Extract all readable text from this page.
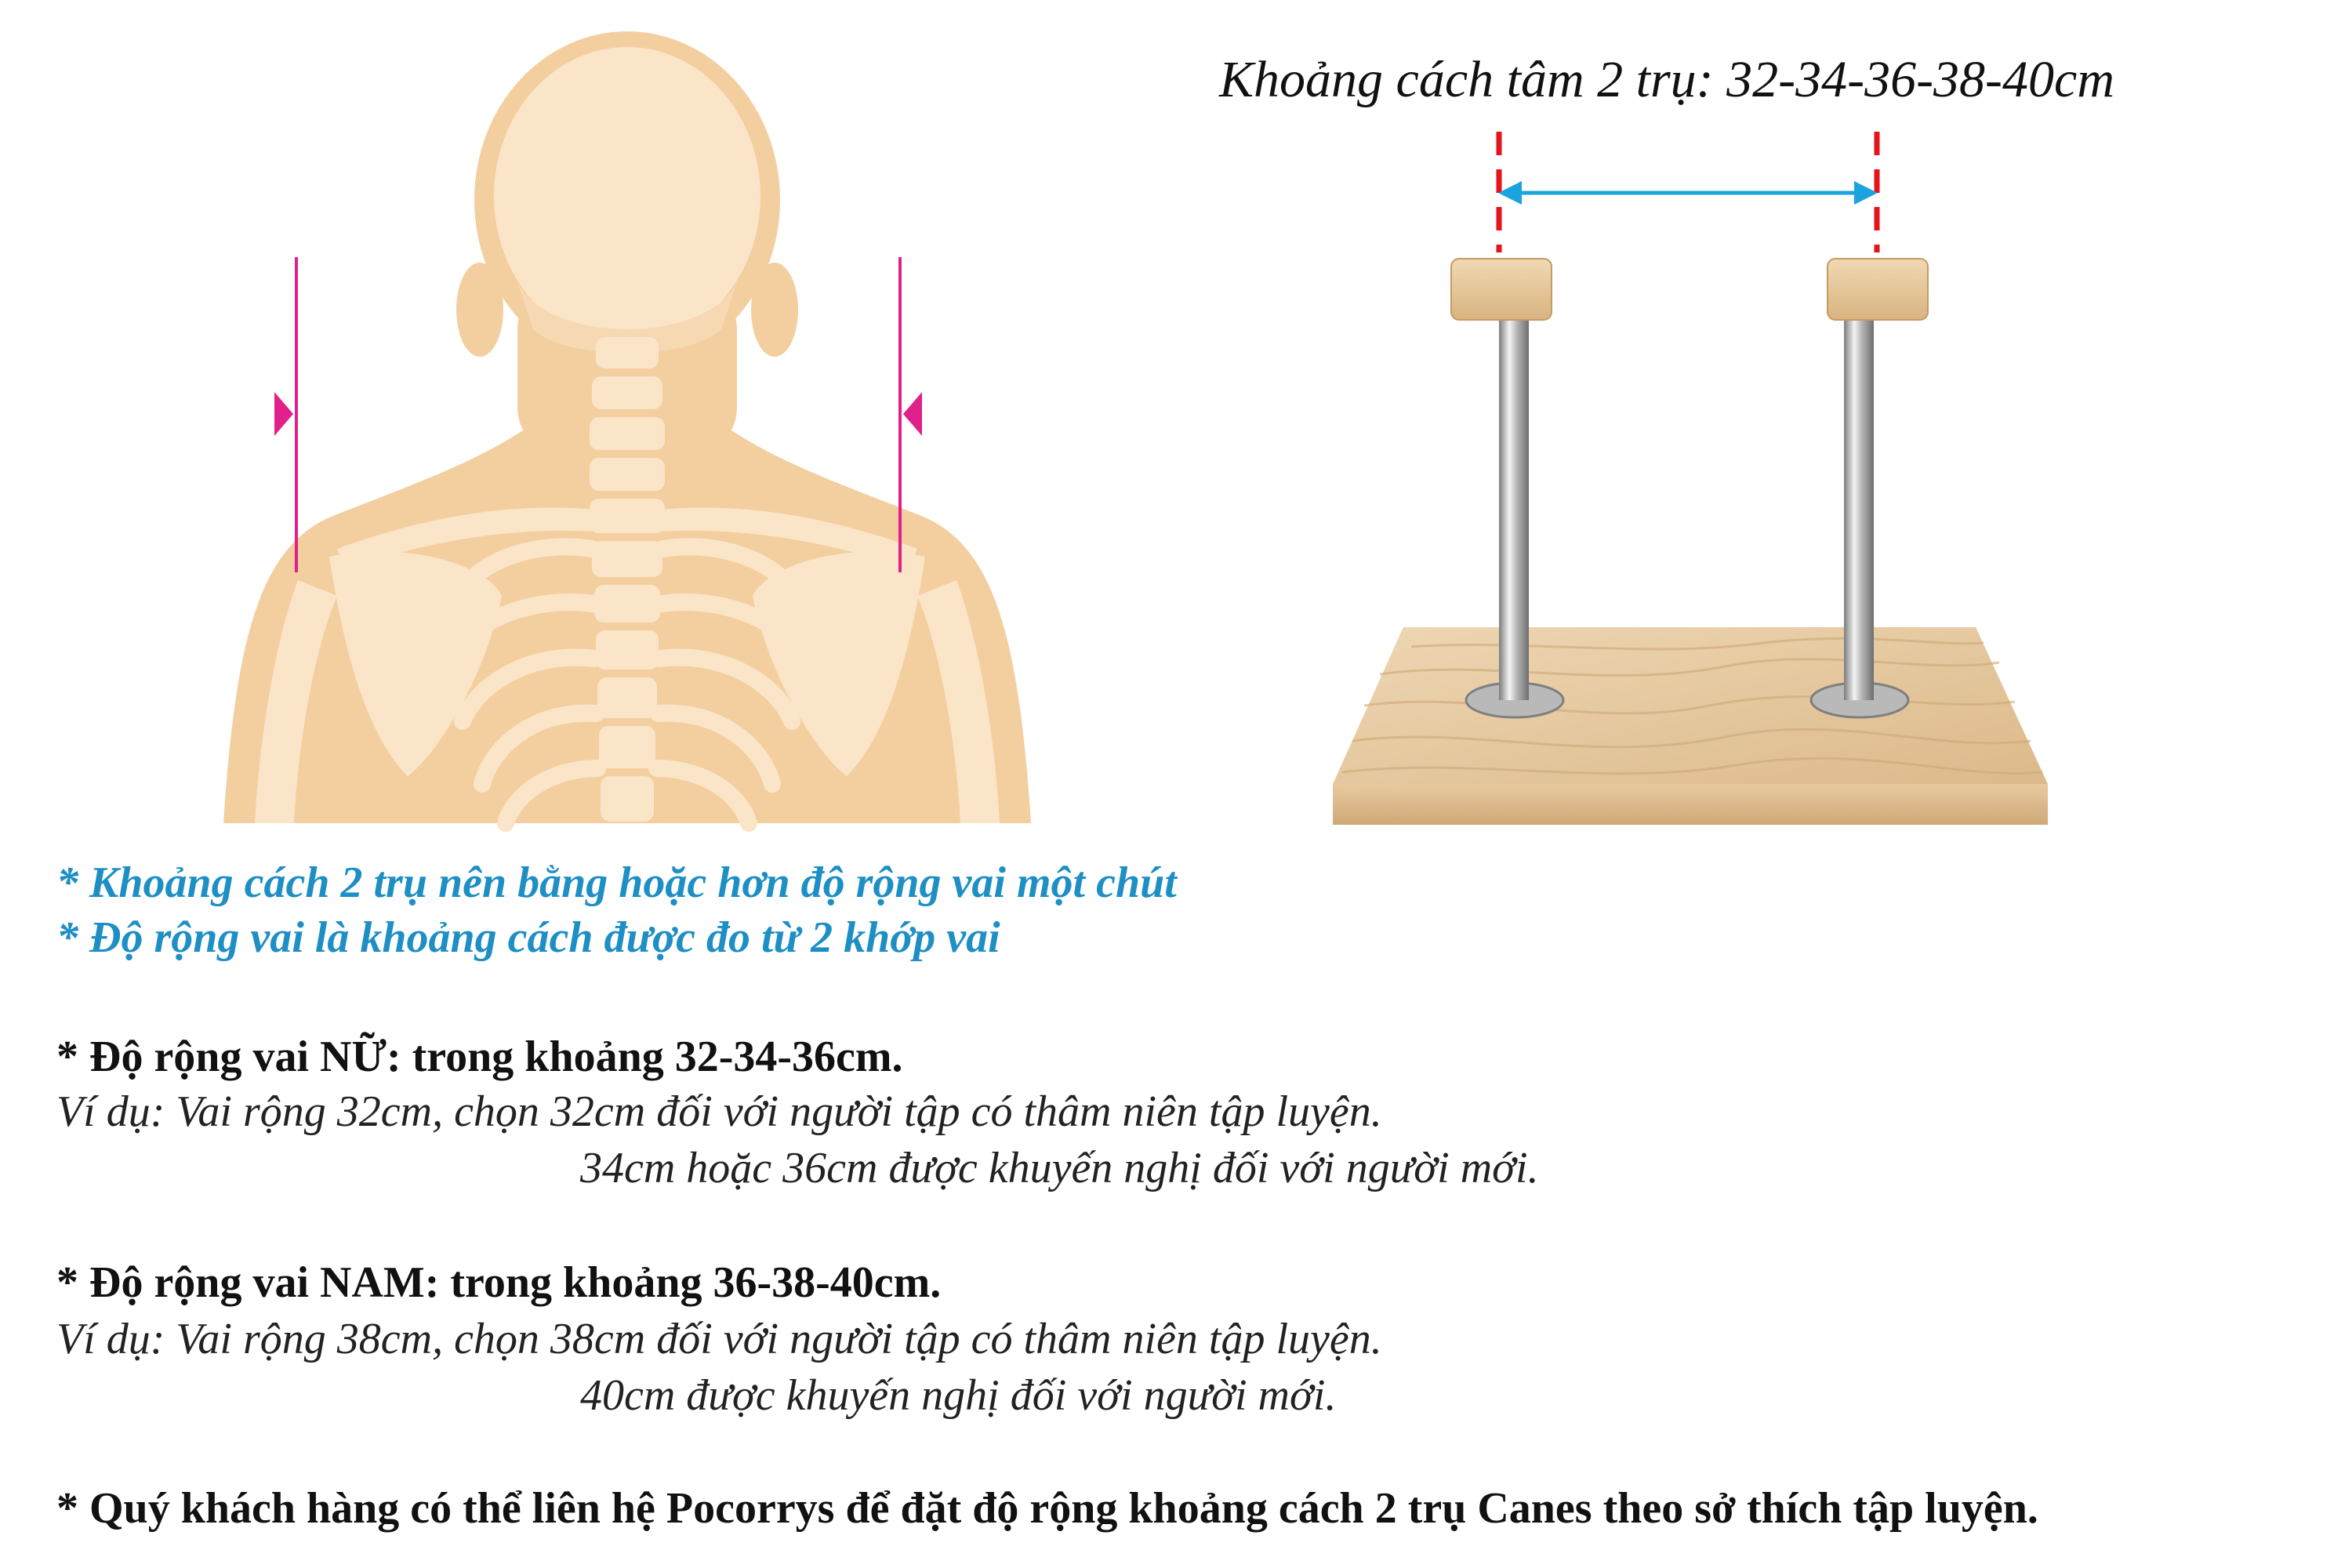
Khoảng cách tâm 2 trụ: 32-34-36-38-40cm
* Khoảng cách 2 trụ nên bằng hoặc hơn độ rộng vai một chút
* Độ rộng vai là khoảng cách được đo từ 2 khớp vai
* Độ rộng vai NỮ: trong khoảng 32-34-36cm.
Ví dụ: Vai rộng 32cm, chọn 32cm đối với người tập có thâm niên tập luyện.
34cm hoặc 36cm được khuyến nghị đối với người mới.
* Độ rộng vai NAM: trong khoảng 36-38-40cm.
Ví dụ: Vai rộng 38cm, chọn 38cm đối với người tập có thâm niên tập luyện.
40cm được khuyến nghị đối với người mới.
* Quý khách hàng có thể liên hệ Pocorrys để đặt độ rộng khoảng cách 2 trụ Canes theo sở thích tập luyện.
